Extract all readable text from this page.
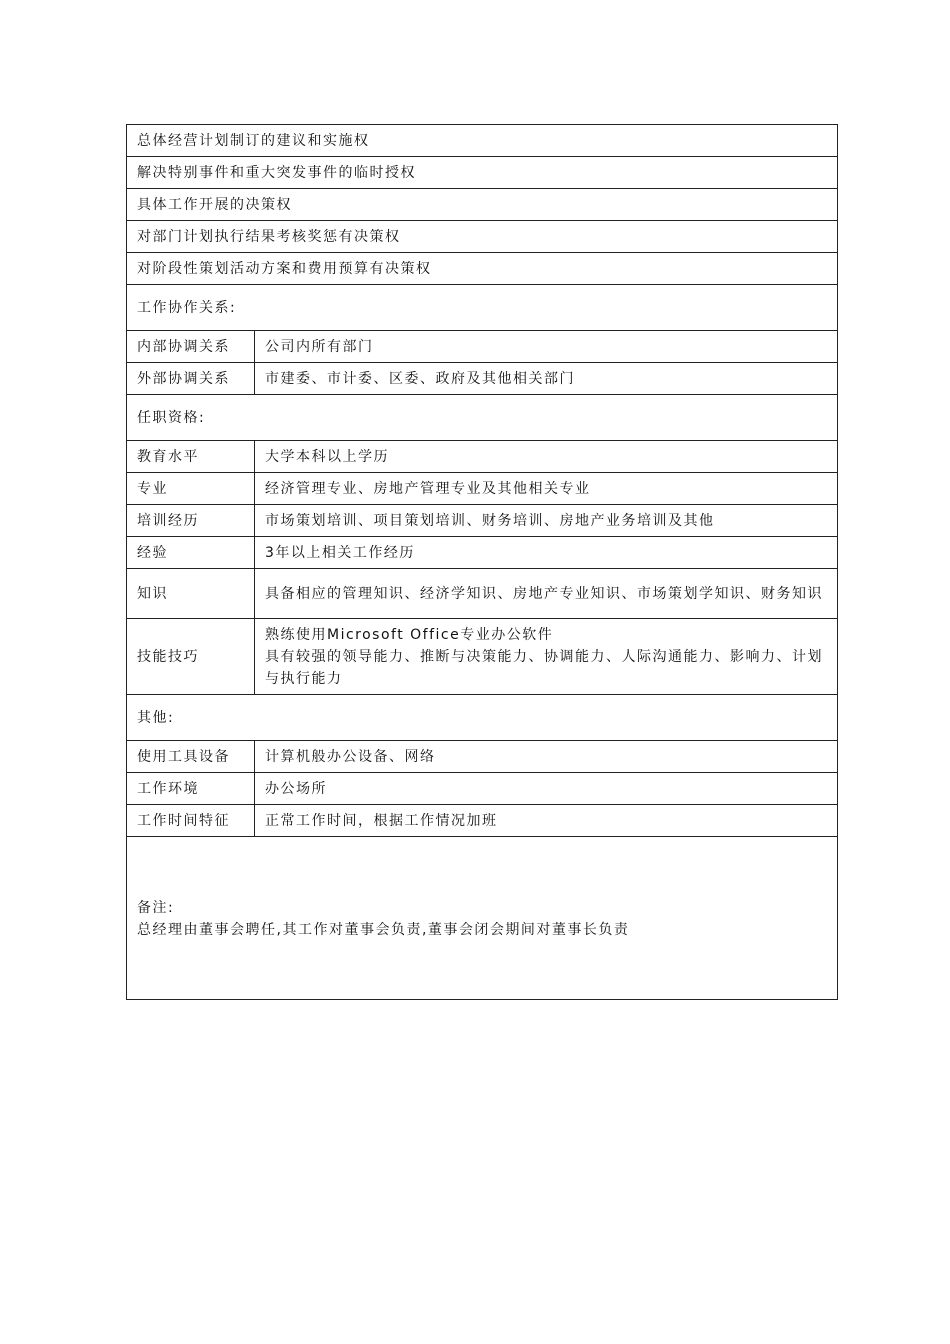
总体经营计划制订的建议和实施权	
解决特别事件和重大突发事件的临时授权	
具体工作开展的决策权	
对部门计划执行结果考核奖惩有决策权	
对阶段性策划活动方案和费用预算有决策权	
工作协作关系:	
内部协调关系	公司内所有部门
外部协调关系	市建委、市计委、区委、政府及其他相关部门
任职资格:	
教育水平	大学本科以上学历
专业	经济管理专业、房地产管理专业及其他相关专业
培训经历	市场策划培训、项目策划培训、财务培训、房地产业务培训及其他
经验	3年以上相关工作经历
知识	具备相应的管理知识、经济学知识、房地产专业知识、市场策划学知识、财务知识
技能技巧	熟练使用Microsoft Office专业办公软件
具有较强的领导能力、推断与决策能力、协调能力、人际沟通能力、影响力、计划与执行能力

其他:	
使用工具设备	计算机般办公设备、网络
工作环境	办公场所
工作时间特征	正常工作时间，根据工作情况加班

备注:
总经理由董事会聘任,其工作对董事会负责,董事会闭会期间对董事长负责	
